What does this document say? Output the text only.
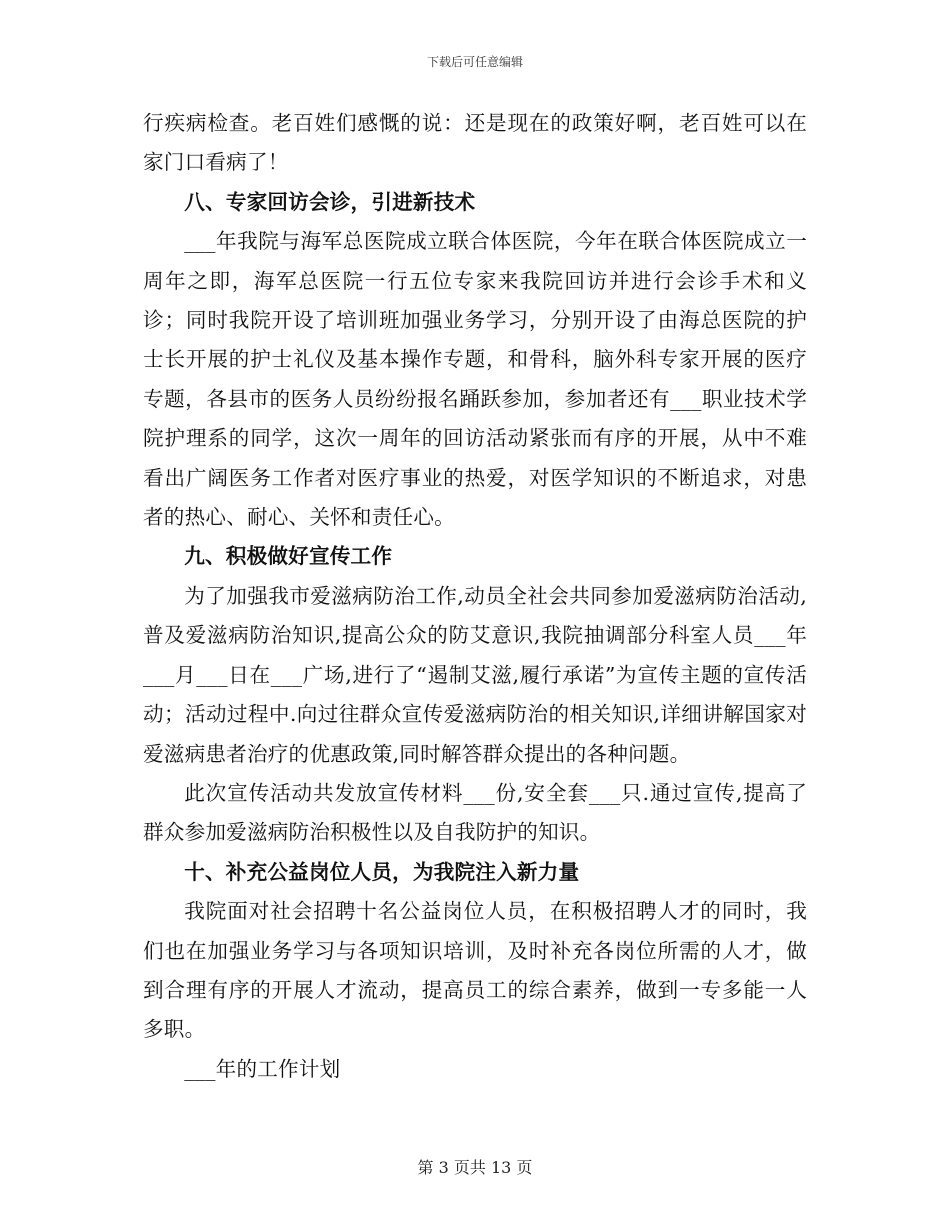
下载后可任意编辑

行疾病检查。老百姓们感慨的说：还是现在的政策好啊，老百姓可以在家门口看病了！

八、专家回访会诊，引进新技术

___年我院与海军总医院成立联合体医院，今年在联合体医院成立一周年之即，海军总医院一行五位专家来我院回访并进行会诊手术和义诊；同时我院开设了培训班加强业务学习，分别开设了由海总医院的护士长开展的护士礼仪及基本操作专题，和骨科，脑外科专家开展的医疗专题，各县市的医务人员纷纷报名踊跃参加，参加者还有___职业技术学院护理系的同学，这次一周年的回访活动紧张而有序的开展，从中不难看出广阔医务工作者对医疗事业的热爱，对医学知识的不断追求，对患者的热心、耐心、关怀和责任心。

九、积极做好宣传工作

为了加强我市爱滋病防治工作,动员全社会共同参加爱滋病防治活动,普及爱滋病防治知识,提高公众的防艾意识,我院抽调部分科室人员___年___月___日在___广场,进行了“遏制艾滋,履行承诺”为宣传主题的宣传活动；活动过程中.向过往群众宣传爱滋病防治的相关知识,详细讲解国家对爱滋病患者治疗的优惠政策,同时解答群众提出的各种问题。

此次宣传活动共发放宣传材料___份,安全套___只.通过宣传,提高了群众参加爱滋病防治积极性以及自我防护的知识。

十、补充公益岗位人员，为我院注入新力量

我院面对社会招聘十名公益岗位人员，在积极招聘人才的同时，我们也在加强业务学习与各项知识培训，及时补充各岗位所需的人才，做到合理有序的开展人才流动，提高员工的综合素养，做到一专多能一人多职。

___年的工作计划

第 3 页共 13 页
